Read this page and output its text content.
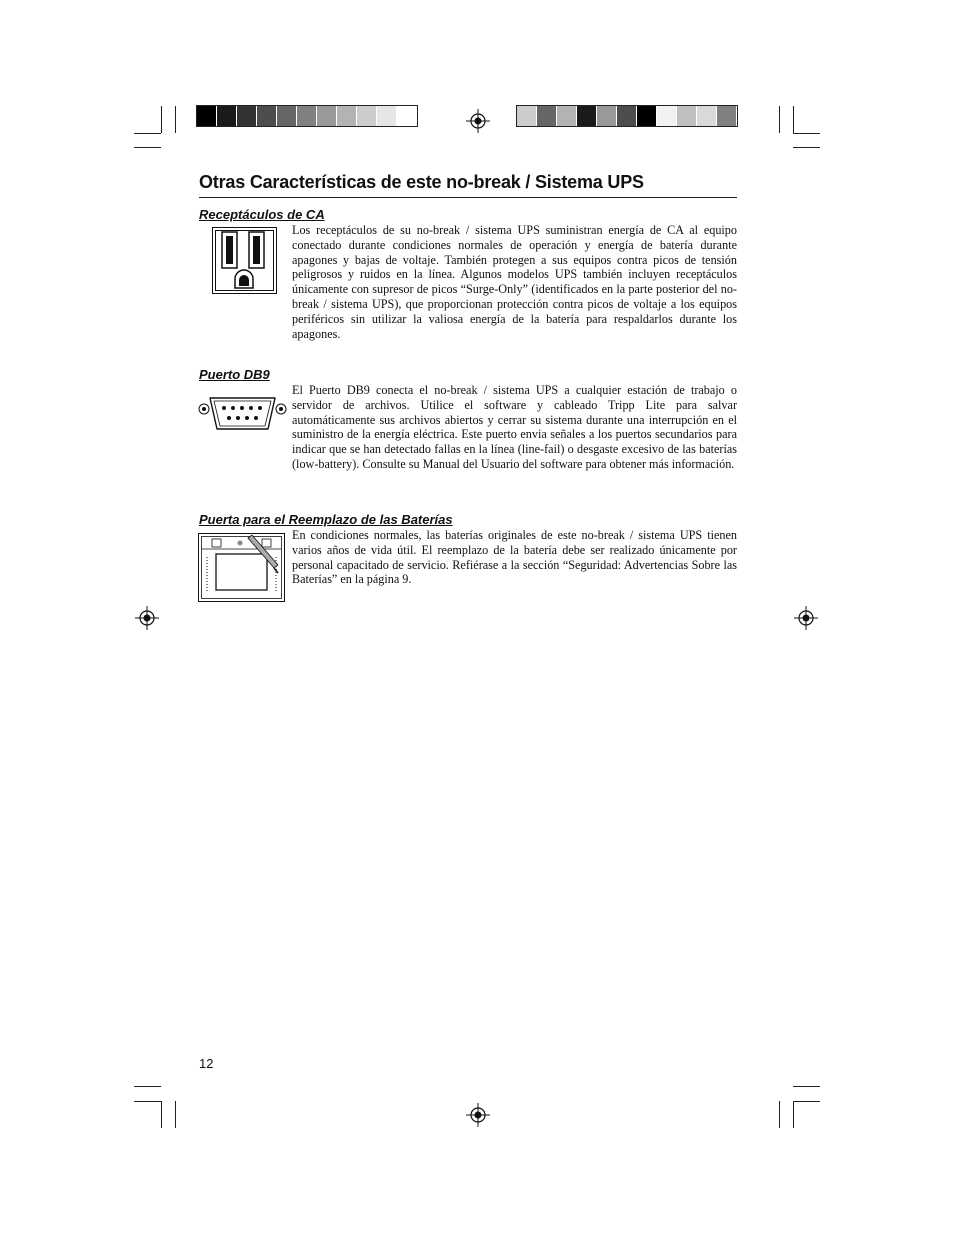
Otras Características de este no-break / Sistema UPS
Receptáculos de CA
Los receptáculos de su no-break / sistema UPS suministran energía de CA al equipo conectado durante condiciones normales de operación y energía de batería durante apagones y bajas de voltaje. También protegen a sus equipos contra picos de tensión peligrosos y ruidos en la línea. Algunos modelos UPS también incluyen receptáculos únicamente con supresor de picos “Surge-Only” (identificados en la parte posterior del no-break / sistema UPS), que proporcionan protección contra picos de voltaje a los equipos periféricos sin utilizar la valiosa energía de la batería para respaldarlos durante los apagones.
Puerto DB9
El Puerto DB9 conecta el no-break / sistema UPS a cualquier estación de trabajo o servidor de archivos. Utilice el software y cableado Tripp Lite para salvar automáticamente sus archivos abiertos y cerrar su sistema durante una interrupción en el suministro de la energía eléctrica. Este puerto envia señales a los puertos secundarios para indicar que se han detectado fallas en la línea (line-fail) o desgaste excesivo de las baterías (low-battery). Consulte su Manual del Usuario del software para obtener más información.
Puerta para el Reemplazo de las Baterías
En condiciones normales, las baterías originales de este no-break / sistema UPS tienen varios años de vida útil. El reemplazo de la batería debe ser realizado únicamente por personal capacitado de servicio. Refiérase a la sección “Seguridad: Advertencias Sobre las Baterías” en la página 9.
12
